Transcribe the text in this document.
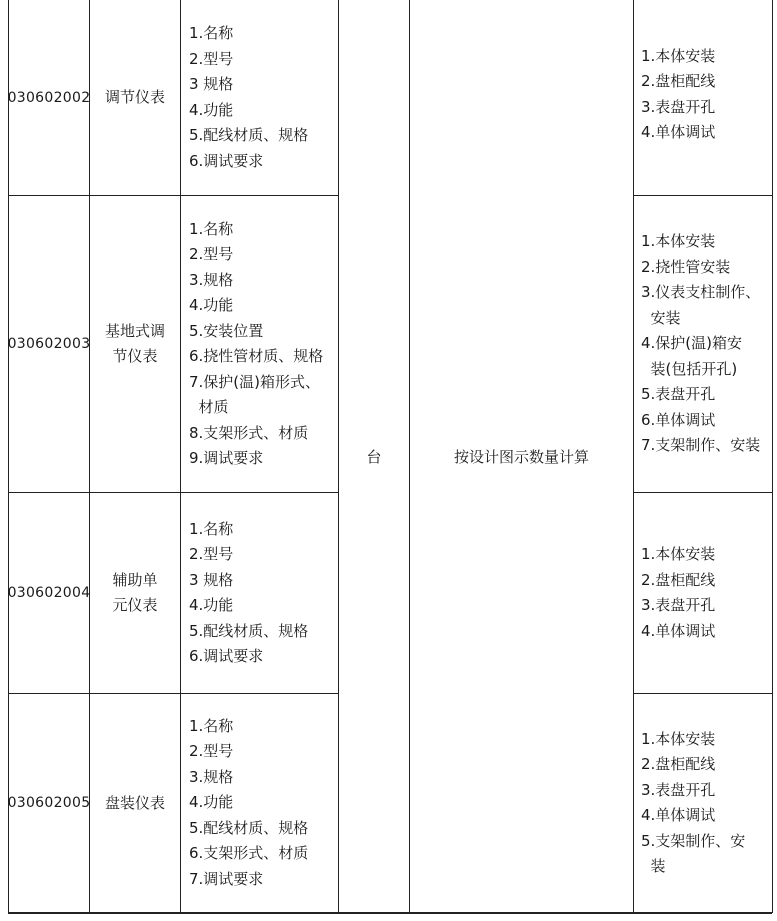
030602002 调节仪表
1.名称
2.型号
3 规格
4.功能
5.配线材质、规格
6.调试要求
1.本体安装
2.盘柜配线
3.表盘开孔
4.单体调试
030602003
基地式调
节仪表
1.名称
2.型号
3.规格
4.功能
5.安装位置
6.挠性管材质、规格
7.保护(温)箱形式、
材质
8.支架形式、材质
9.调试要求
1.本体安装
2.挠性管安装
3.仪表支柱制作、
安装
4.保护(温)箱安
装(包括开孔)
5.表盘开孔
6.单体调试
7.支架制作、安装
030602004
辅助单
元仪表
1.名称
2.型号
3 规格
4.功能
5.配线材质、规格
6.调试要求
1.本体安装
2.盘柜配线
3.表盘开孔
4.单体调试
030602005 盘装仪表
1.名称
2.型号
3.规格
4.功能
5.配线材质、规格
6.支架形式、材质
7.调试要求
1.本体安装
2.盘柜配线
3.表盘开孔
4.单体调试
5.支架制作、安
装
台	按设计图示数量计算
